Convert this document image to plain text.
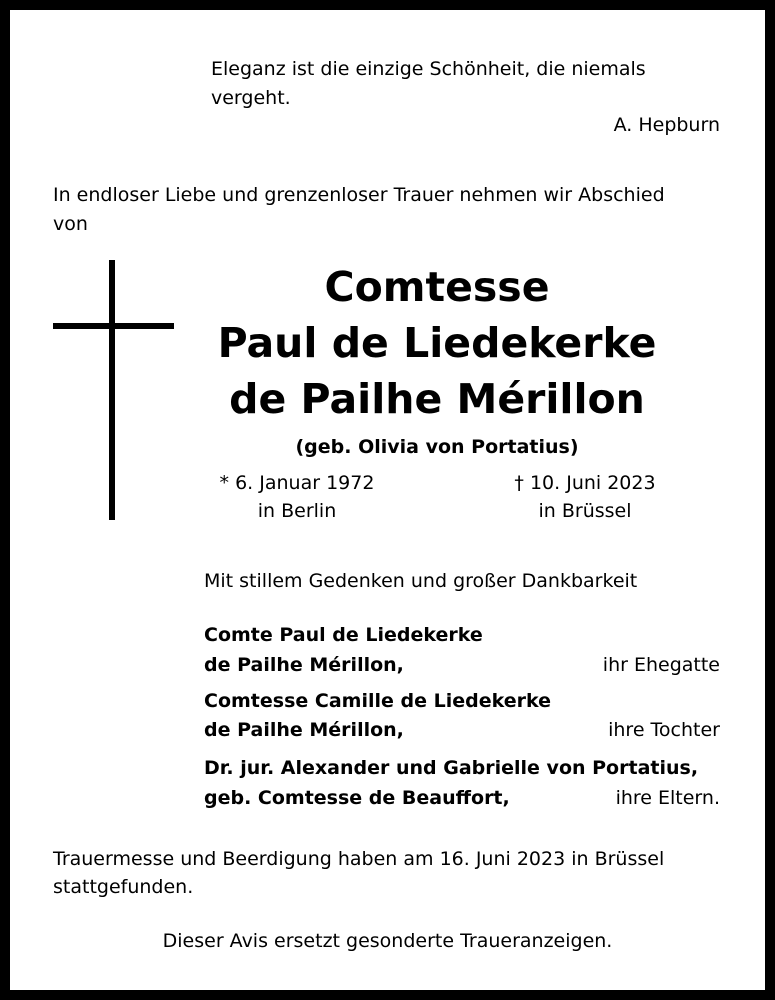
Eleganz ist die einzige Schönheit, die niemals
vergeht.
A. Hepburn
In endloser Liebe und grenzenloser Trauer nehmen wir Abschied
von
Comtesse
Paul de Liedekerke
de Pailhe Mérillon
(geb. Olivia von Portatius)
* 6. Januar 1972
in Berlin
† 10. Juni 2023
in Brüssel
Mit stillem Gedenken und großer Dankbarkeit
Comte Paul de Liedekerke
de Pailhe Mérillon,	ihr Ehegatte
Comtesse Camille de Liedekerke
de Pailhe Mérillon,	ihre Tochter
Dr. jur. Alexander und Gabrielle von Portatius,
geb. Comtesse de Beauffort,	ihre Eltern.
Trauermesse und Beerdigung haben am 16. Juni 2023 in Brüssel
stattgefunden.
Dieser Avis ersetzt gesonderte Traueranzeigen.
